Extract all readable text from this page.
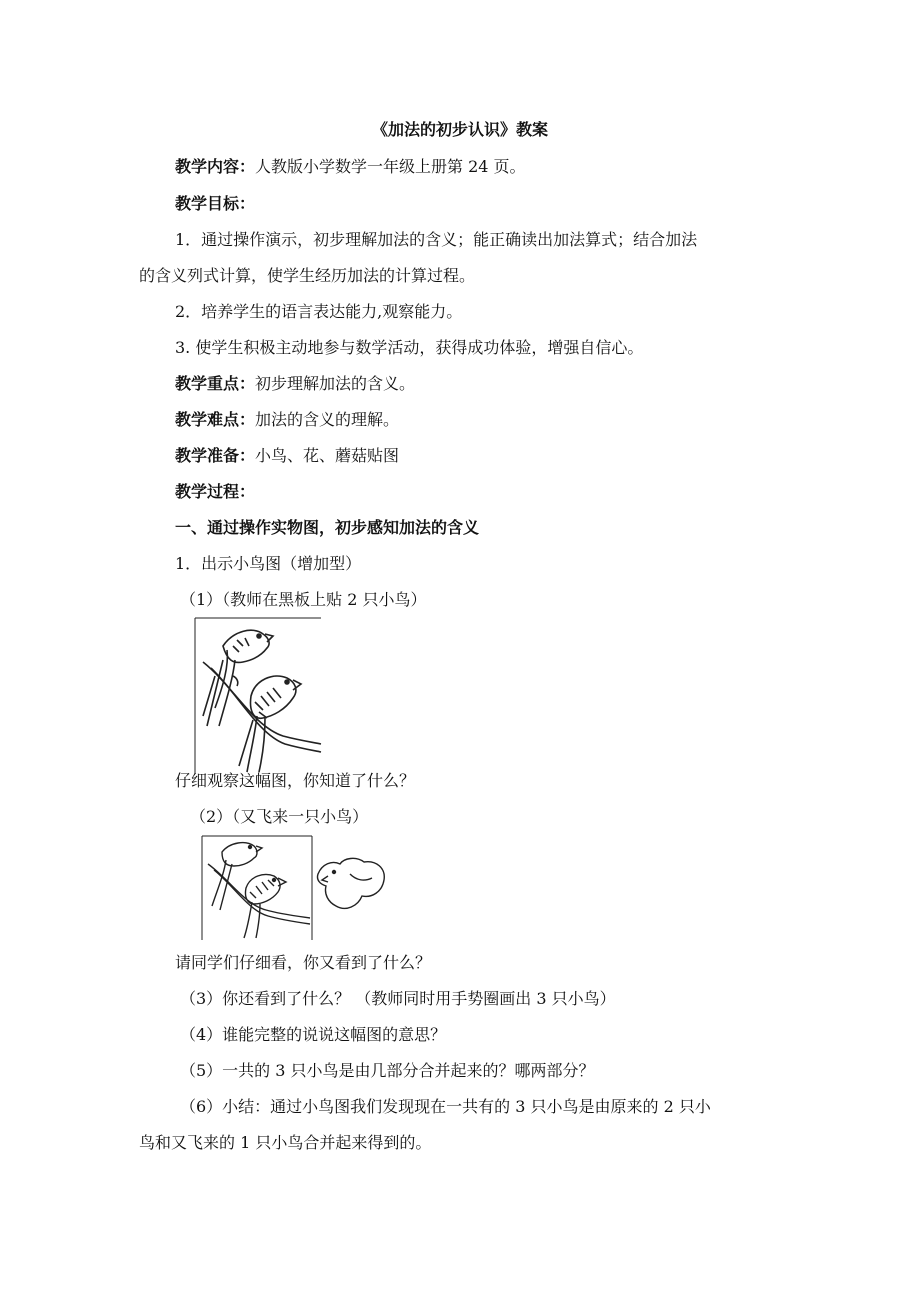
《加法的初步认识》教案
教学内容：人教版小学数学一年级上册第 24 页。
教学目标：
1．通过操作演示，初步理解加法的含义；能正确读出加法算式；结合加法
的含义列式计算，使学生经历加法的计算过程。
2．培养学生的语言表达能力,观察能力。
3. 使学生积极主动地参与数学活动，获得成功体验，增强自信心。
教学重点：初步理解加法的含义。
教学难点：加法的含义的理解。
教学准备：小鸟、花、蘑菇贴图
教学过程：
一、通过操作实物图，初步感知加法的含义
1．出示小鸟图（增加型）
（1）（教师在黑板上贴 2 只小鸟）
仔细观察这幅图，你知道了什么？
（2）（又飞来一只小鸟）
请同学们仔细看，你又看到了什么？
（3）你还看到了什么？ （教师同时用手势圈画出 3 只小鸟）
（4）谁能完整的说说这幅图的意思？
（5）一共的 3 只小鸟是由几部分合并起来的？哪两部分？
（6）小结：通过小鸟图我们发现现在一共有的 3 只小鸟是由原来的 2 只小
鸟和又飞来的 1 只小鸟合并起来得到的。
